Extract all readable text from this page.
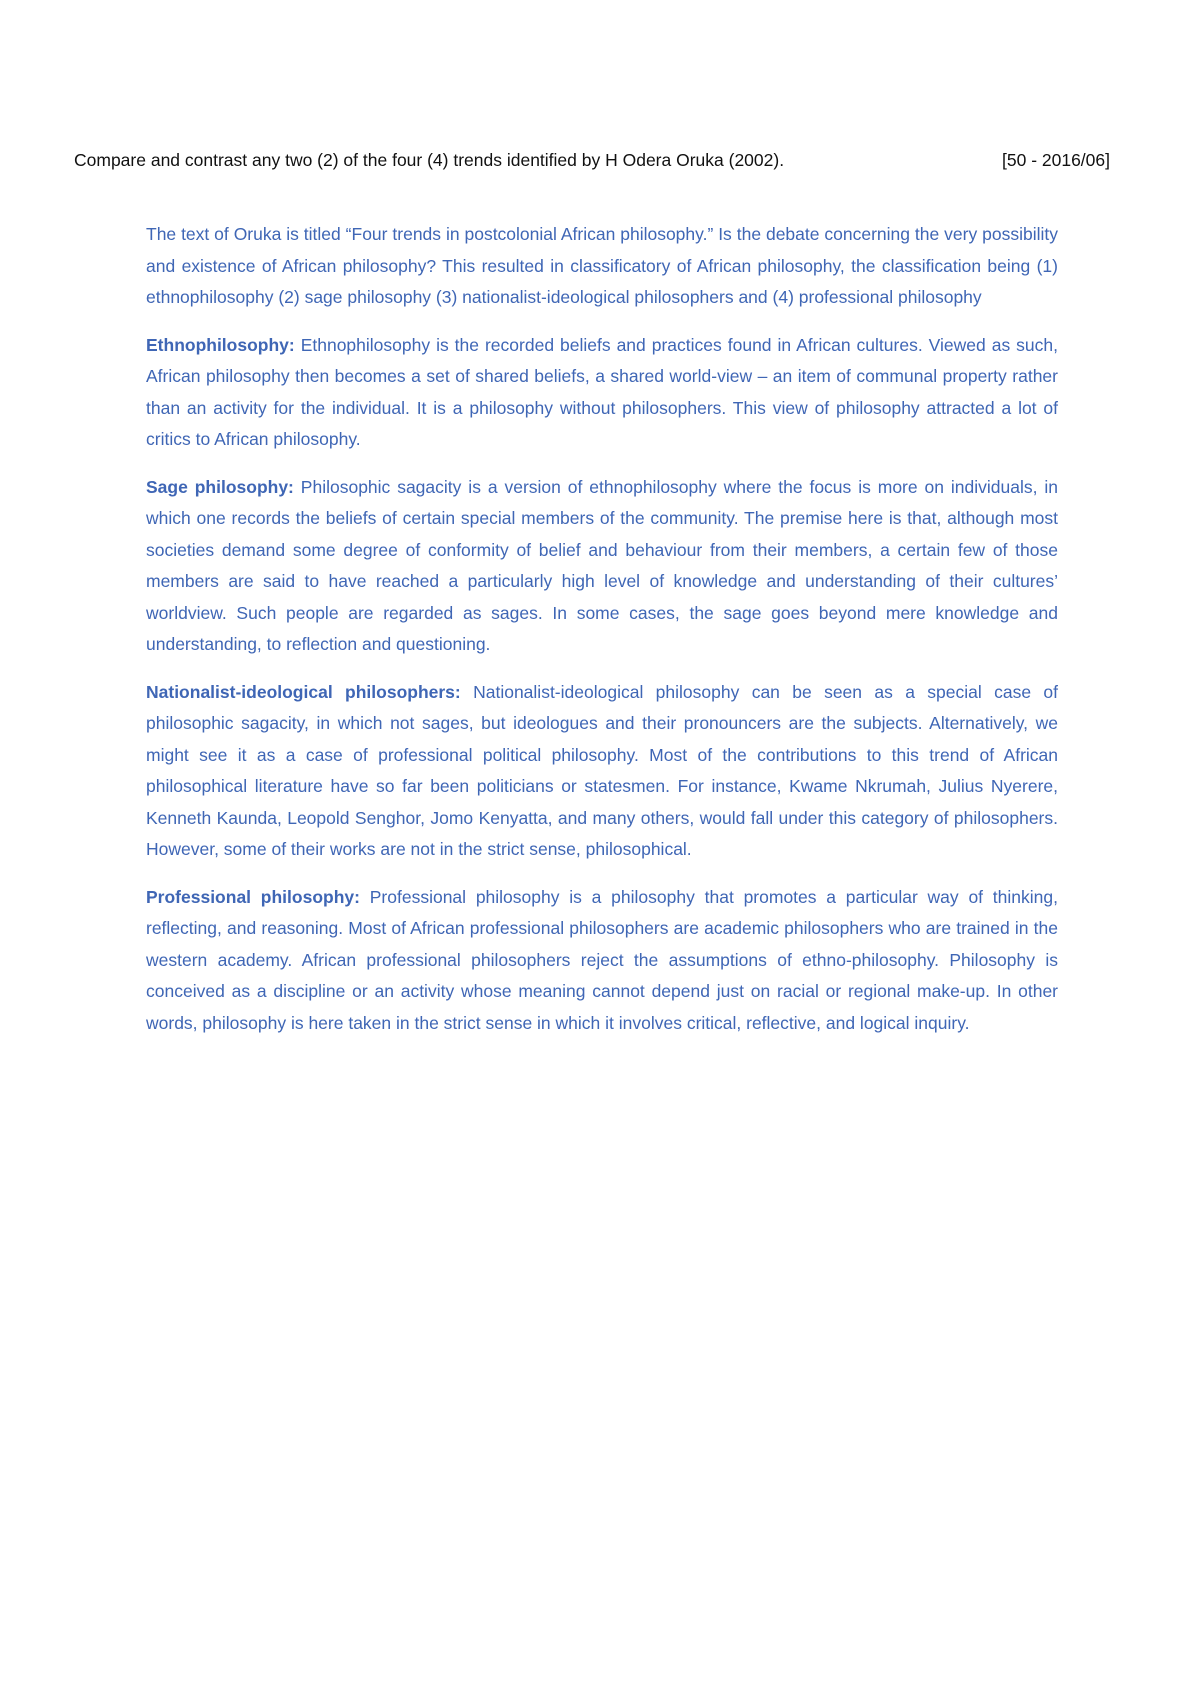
Compare and contrast any two (2) of the four (4) trends identified by H Odera Oruka (2002).	[50 - 2016/06]

The text of Oruka is titled “Four trends in postcolonial African philosophy.” Is the debate concerning the very possibility and existence of African philosophy? This resulted in classificatory of African philosophy, the classification being (1) ethnophilosophy (2) sage philosophy (3) nationalist-ideological philosophers and (4) professional philosophy

Ethnophilosophy: Ethnophilosophy is the recorded beliefs and practices found in African cultures. Viewed as such, African philosophy then becomes a set of shared beliefs, a shared world-view – an item of communal property rather than an activity for the individual. It is a philosophy without philosophers. This view of philosophy attracted a lot of critics to African philosophy.

Sage philosophy: Philosophic sagacity is a version of ethnophilosophy where the focus is more on individuals, in which one records the beliefs of certain special members of the community. The premise here is that, although most societies demand some degree of conformity of belief and behaviour from their members, a certain few of those members are said to have reached a particularly high level of knowledge and understanding of their cultures’ worldview. Such people are regarded as sages. In some cases, the sage goes beyond mere knowledge and understanding, to reflection and questioning.

Nationalist-ideological philosophers: Nationalist-ideological philosophy can be seen as a special case of philosophic sagacity, in which not sages, but ideologues and their pronouncers are the subjects. Alternatively, we might see it as a case of professional political philosophy. Most of the contributions to this trend of African philosophical literature have so far been politicians or statesmen. For instance, Kwame Nkrumah, Julius Nyerere, Kenneth Kaunda, Leopold Senghor, Jomo Kenyatta, and many others, would fall under this category of philosophers. However, some of their works are not in the strict sense, philosophical.

Professional philosophy: Professional philosophy is a philosophy that promotes a particular way of thinking, reflecting, and reasoning. Most of African professional philosophers are academic philosophers who are trained in the western academy. African professional philosophers reject the assumptions of ethno-philosophy. Philosophy is conceived as a discipline or an activity whose meaning cannot depend just on racial or regional make-up. In other words, philosophy is here taken in the strict sense in which it involves critical, reflective, and logical inquiry.
